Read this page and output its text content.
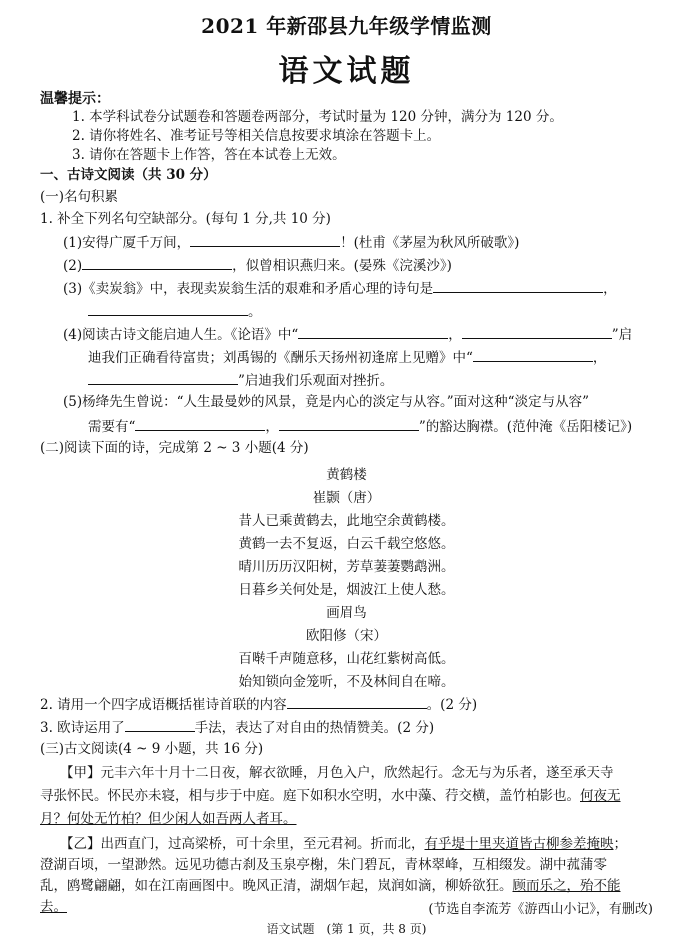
2021 年新邵县九年级学情监测
语文试题
温馨提示：
1. 本学科试卷分试题卷和答题卷两部分，考试时量为 120 分钟，满分为 120 分。
2. 请你将姓名、准考证号等相关信息按要求填涂在答题卡上。
3. 请你在答题卡上作答，答在本试卷上无效。
一、古诗文阅读（共 30 分）
(一)名句积累
1. 补全下列名句空缺部分。(每句 1 分,共 10 分)
(1)安得广厦千万间，	！(杜甫《茅屋为秋风所破歌》)
(2)	，似曾相识燕归来。(晏殊《浣溪沙》)
(3)《卖炭翁》中，表现卖炭翁生活的艰难和矛盾心理的诗句是	，
。
(4)阅读古诗文能启迪人生。《论语》中“	，	”启
迪我们正确看待富贵；刘禹锡的《酬乐天扬州初逢席上见赠》中“	，
”启迪我们乐观面对挫折。
(5)杨绛先生曾说：“人生最曼妙的风景，竟是内心的淡定与从容。”面对这种“淡定与从容”
需要有“	，	”的豁达胸襟。(范仲淹《岳阳楼记》)
(二)阅读下面的诗，完成第 2 ~ 3 小题(4 分)
黄鹤楼
崔颢（唐）
昔人已乘黄鹤去，此地空余黄鹤楼。
黄鹤一去不复返，白云千载空悠悠。
晴川历历汉阳树，芳草萋萋鹦鹉洲。
日暮乡关何处是，烟波江上使人愁。
画眉鸟
欧阳修（宋）
百啭千声随意移，山花红紫树高低。
始知锁向金笼听，不及林间自在啼。
2. 请用一个四字成语概括崔诗首联的内容	。(2 分)
3. 欧诗运用了	手法，表达了对自由的热情赞美。(2 分)
(三)古文阅读(4 ~ 9 小题，共 16 分)
【甲】元丰六年十月十二日夜，解衣欲睡，月色入户，欣然起行。念无与为乐者，遂至承天寺
寻张怀民。怀民亦未寝，相与步于中庭。庭下如积水空明，水中藻、荇交横，盖竹柏影也。何夜无
月？何处无竹柏？但少闲人如吾两人者耳。
【乙】出西直门，过高梁桥，可十余里，至元君祠。折而北，有乎堤十里夹道皆古柳参差掩映；
澄湖百顷，一望渺然。远见功德古刹及玉泉亭榭，朱门碧瓦，青林翠峰，互相缀发。湖中菰蒲零
乱，鸥鹭翩翩，如在江南画图中。晚风正清，湖烟乍起，岚润如滴，柳娇欲狂。顾而乐之，殆不能
去。	(节选自李流芳《游西山小记》，有删改)
语文试题　(第 1 页，共 8 页)
